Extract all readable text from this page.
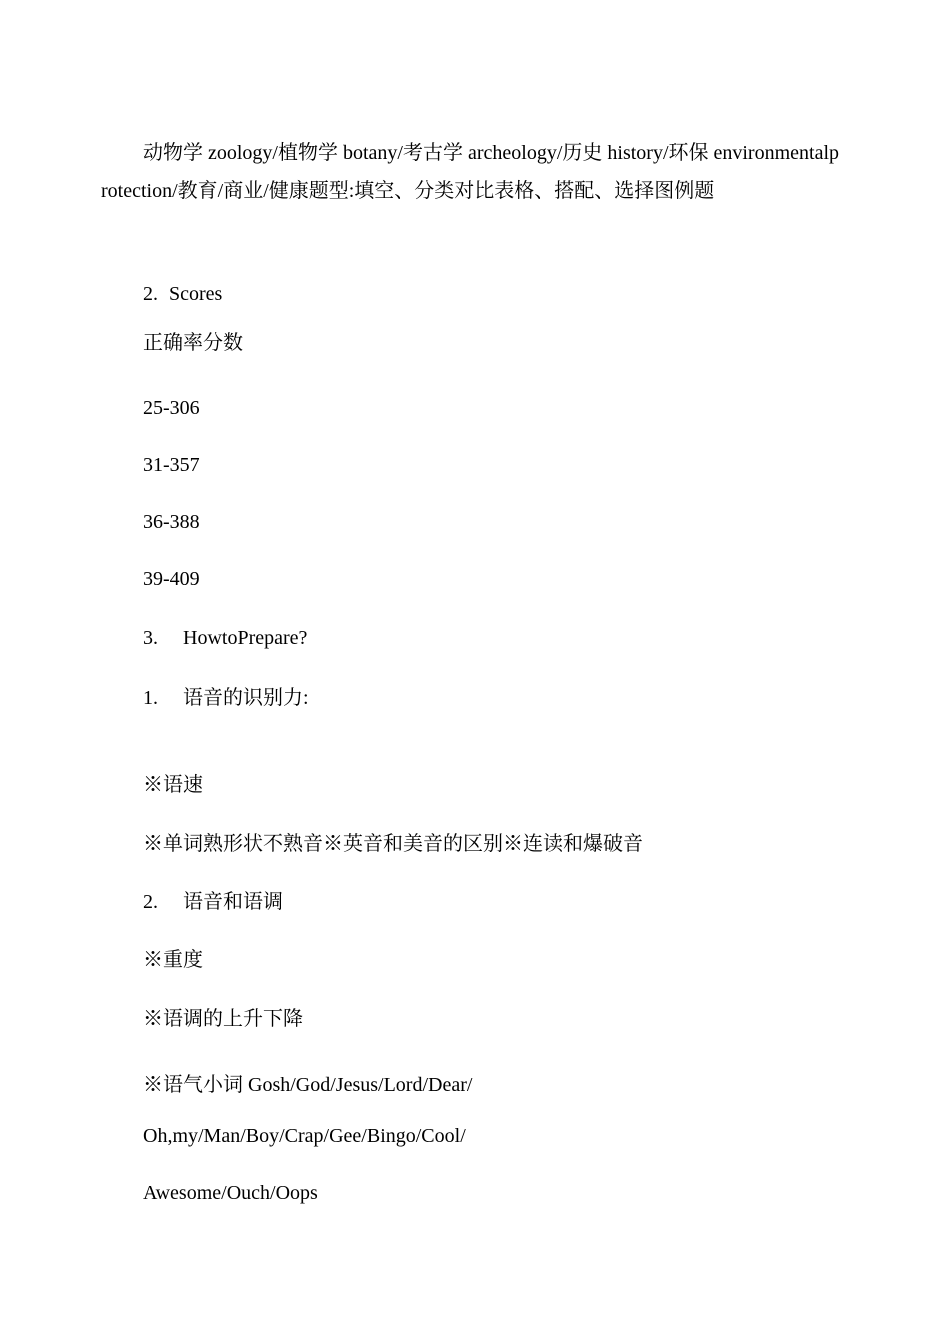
动物学 zoology/植物学 botany/考古学 archeology/历史 history/环保 environmentalprotection/教育/商业/健康题型:填空、分类对比表格、搭配、选择图例题

2. Scores
正确率分数
25-306
31-357
36-388
39-409
3. HowtoPrepare?
1. 语音的识别力:
※语速
※单词熟形状不熟音※英音和美音的区别※连读和爆破音
2. 语音和语调
※重度
※语调的上升下降
※语气小词 Gosh/God/Jesus/Lord/Dear/
Oh,my/Man/Boy/Crap/Gee/Bingo/Cool/
Awesome/Ouch/Oops
